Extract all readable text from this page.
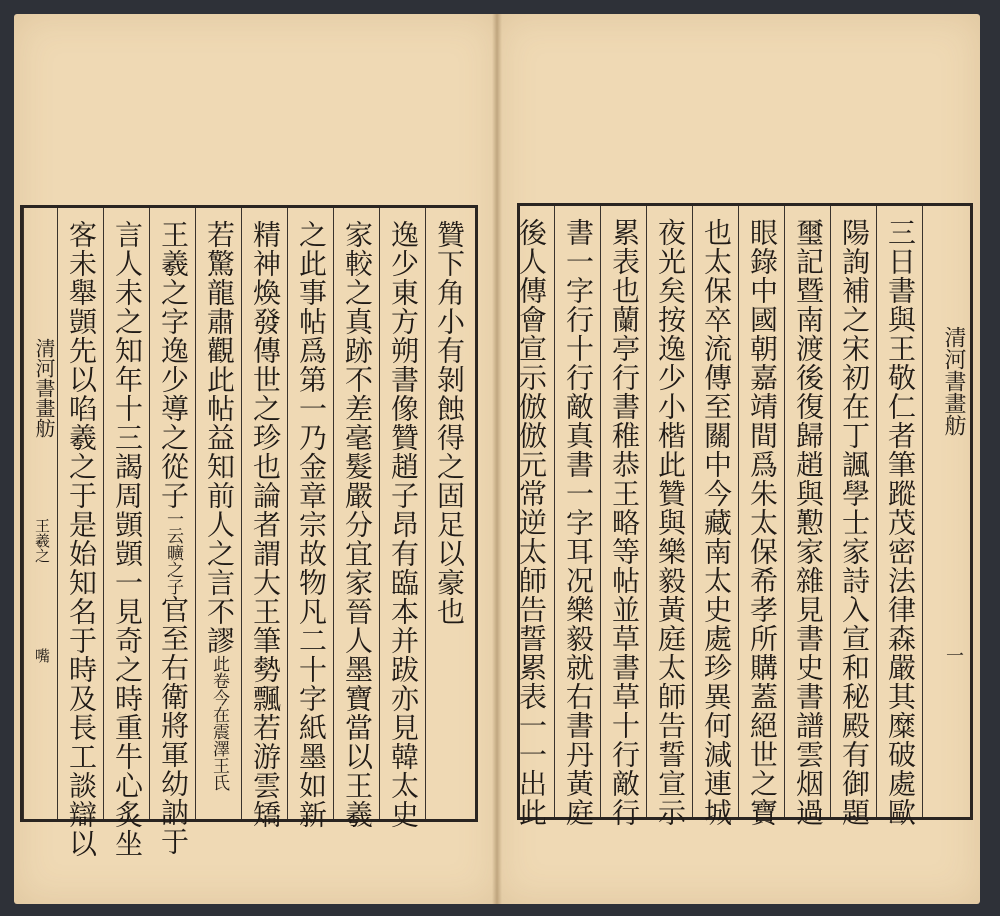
清河書畫舫
一
三日書與王敬仁者筆蹤茂密法律森嚴其糜破處歐
陽詢補之宋初在丁諷學士家詩入宣和秘殿有御題
璽記暨南渡後復歸趙與懃家雜見書史書譜雲烟過
眼錄中國朝嘉靖間爲朱太保希孝所購蓋絕世之寶
也太保卒流傳至關中今藏南太史處珍異何減連城
夜光矣按逸少小楷此贊與樂毅黃庭太師告誓宣示
累表也蘭亭行書稚恭王略等帖並草書草十行敵行
書一字行十行敵真書一字耳况樂毅就右書丹黃庭
後人傳會宣示倣倣元常逆太師告誓累表一一出此
贊下角小有剝蝕得之固足以豪也
逸少東方朔書像贊趙子昂有臨本并跋亦見韓太史
家較之真跡不差毫髮嚴分宜家晉人墨寶當以王羲
之此事帖爲第一乃金章宗故物凡二十字紙墨如新
精神煥發傳世之珍也論者謂大王筆勢飄若游雲矯
若驚龍肅觀此帖益知前人之言不謬此卷今在震澤王氏
王羲之字逸少導之從子一云曠之子官至右衛將軍幼訥于
言人未之知年十三謁周顗顗一見奇之時重牛心炙坐
客未舉顗先以啗羲之于是始知名于時及長工談辯以
清河書畫舫
王羲之
嘴
